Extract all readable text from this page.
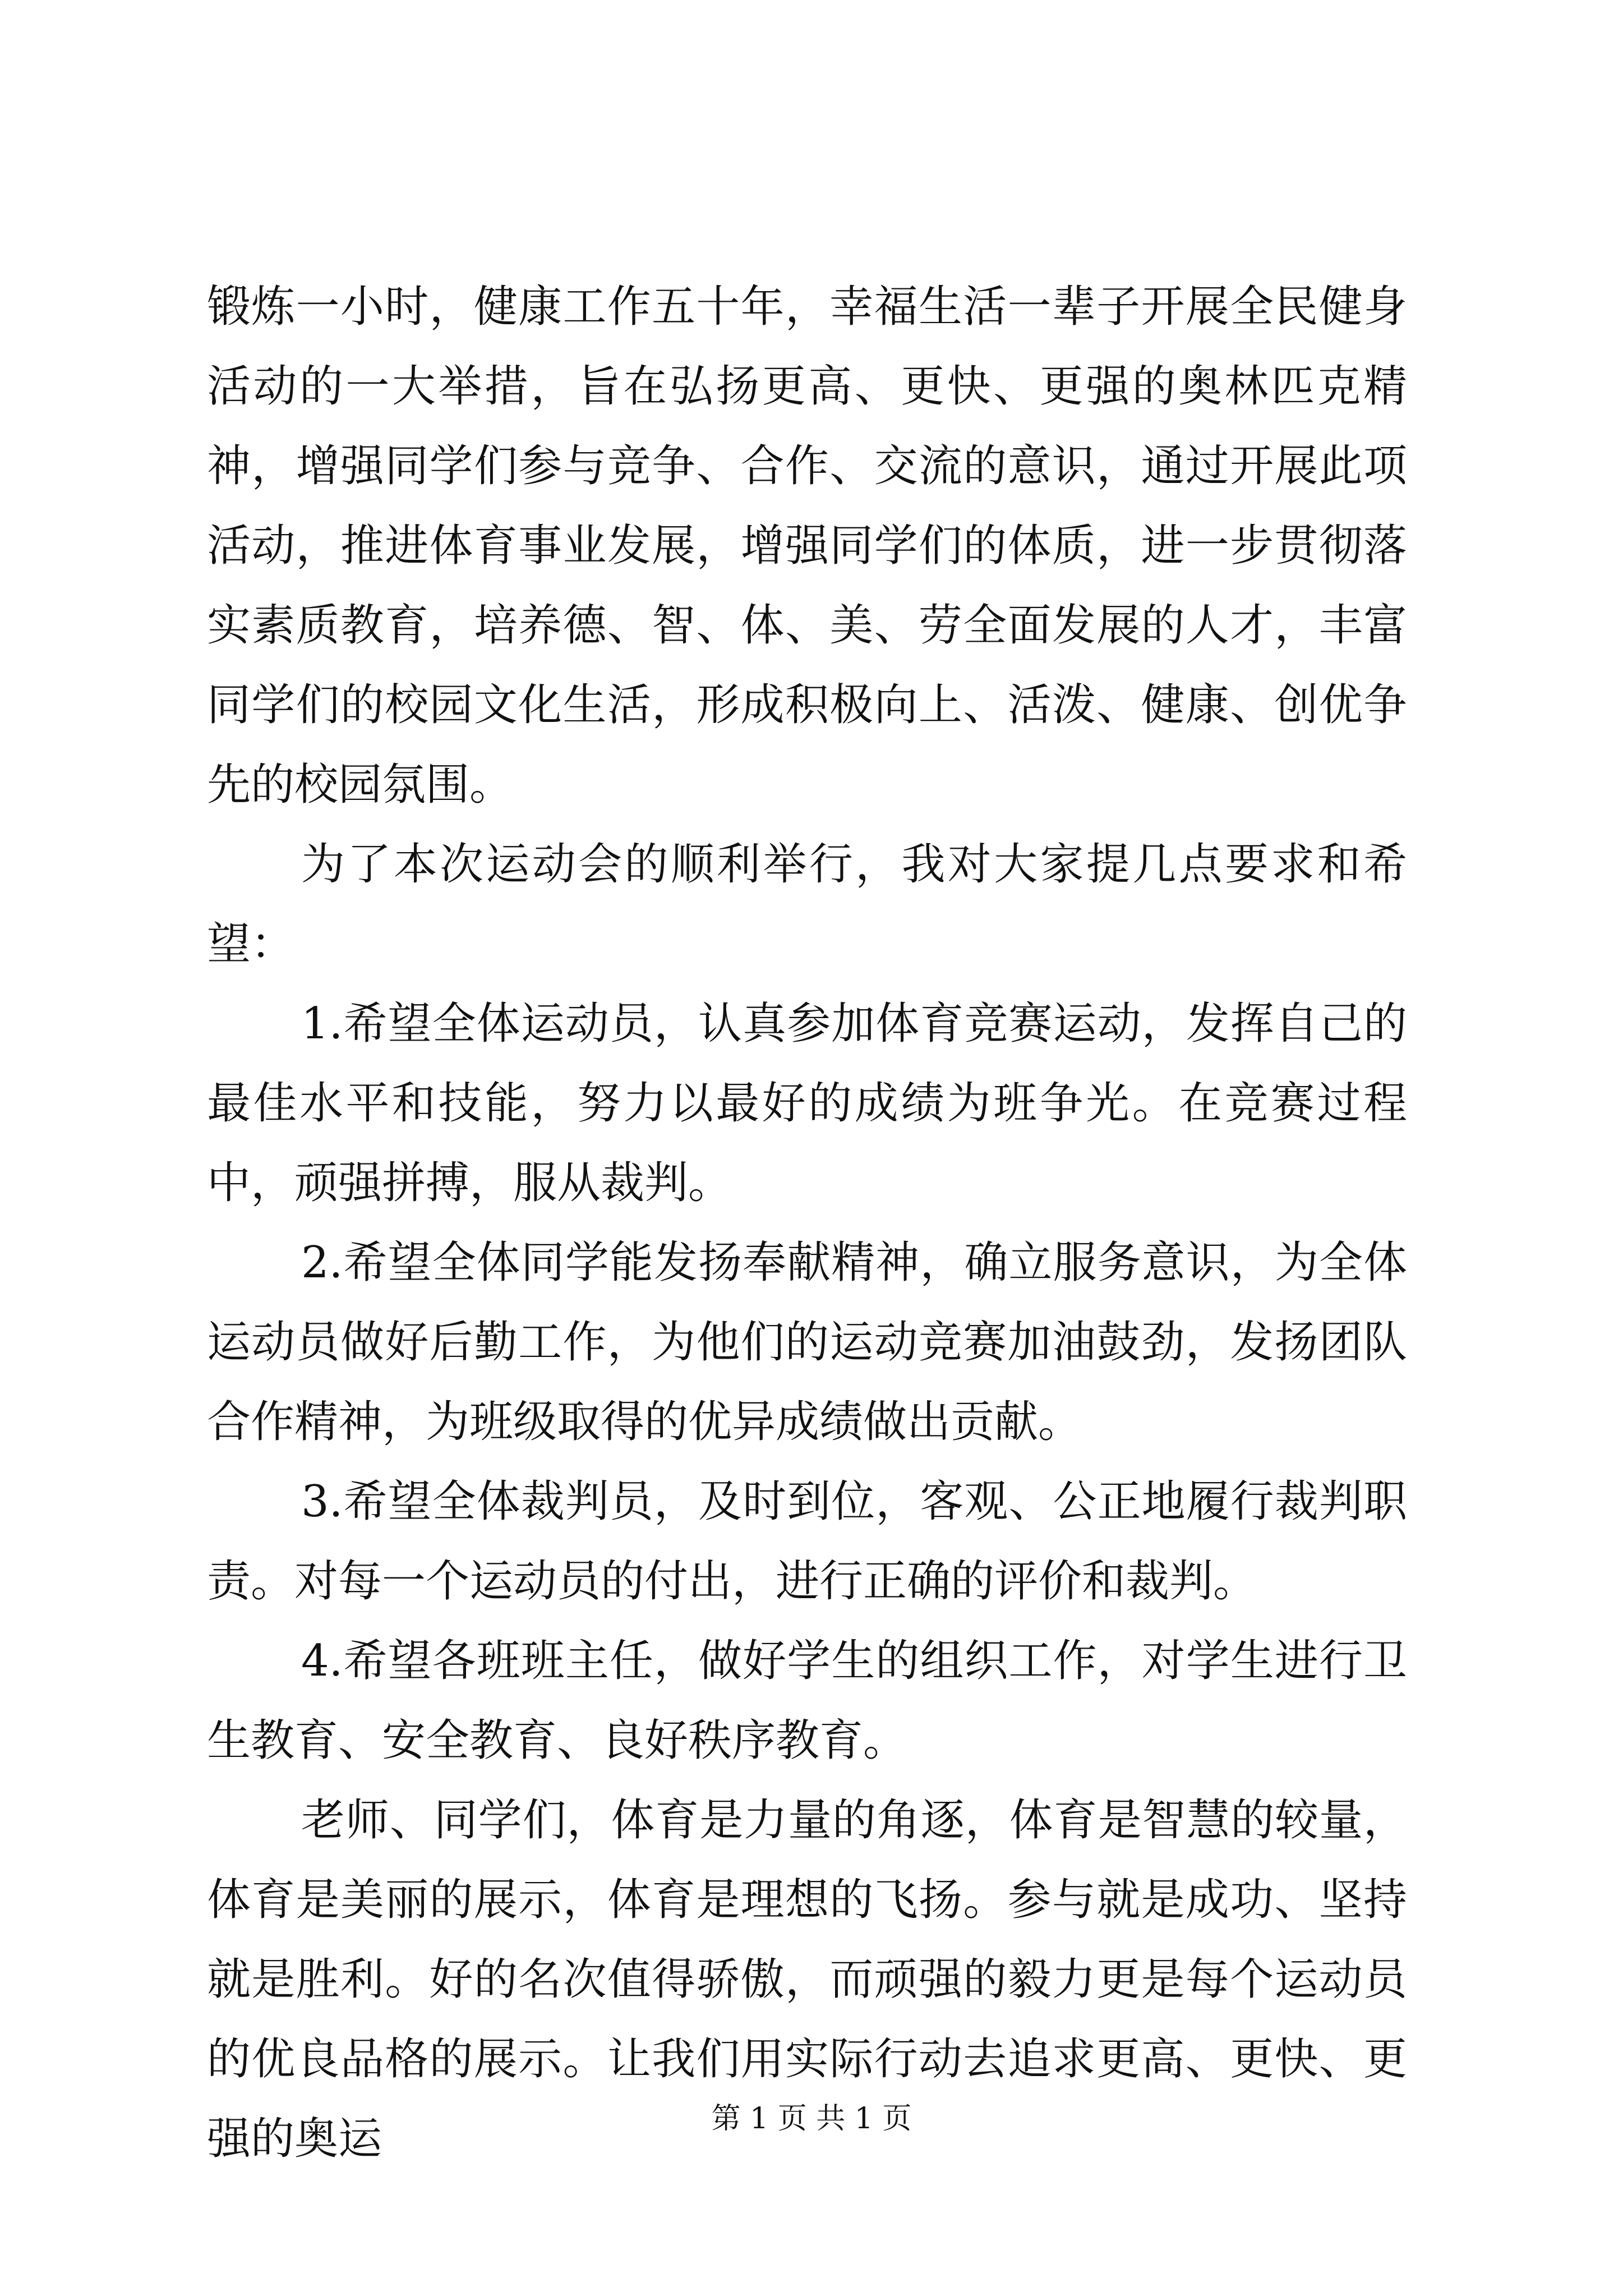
锻炼一小时，健康工作五十年，幸福生活一辈子开展全民健身活动的一大举措，旨在弘扬更高、更快、更强的奥林匹克精神，增强同学们参与竞争、合作、交流的意识，通过开展此项活动，推进体育事业发展，增强同学们的体质，进一步贯彻落实素质教育，培养德、智、体、美、劳全面发展的人才，丰富同学们的校园文化生活，形成积极向上、活泼、健康、创优争先的校园氛围。

为了本次运动会的顺利举行，我对大家提几点要求和希望：

1.希望全体运动员，认真参加体育竞赛运动，发挥自己的最佳水平和技能，努力以最好的成绩为班争光。在竞赛过程中，顽强拼搏，服从裁判。

2.希望全体同学能发扬奉献精神，确立服务意识，为全体运动员做好后勤工作，为他们的运动竞赛加油鼓劲，发扬团队合作精神，为班级取得的优异成绩做出贡献。

3.希望全体裁判员，及时到位，客观、公正地履行裁判职责。对每一个运动员的付出，进行正确的评价和裁判。

4.希望各班班主任，做好学生的组织工作，对学生进行卫生教育、安全教育、良好秩序教育。

老师、同学们，体育是力量的角逐，体育是智慧的较量，体育是美丽的展示，体育是理想的飞扬。参与就是成功、坚持就是胜利。好的名次值得骄傲，而顽强的毅力更是每个运动员的优良品格的展示。让我们用实际行动去追求更高、更快、更强的奥运	第 1 页 共 1 页
